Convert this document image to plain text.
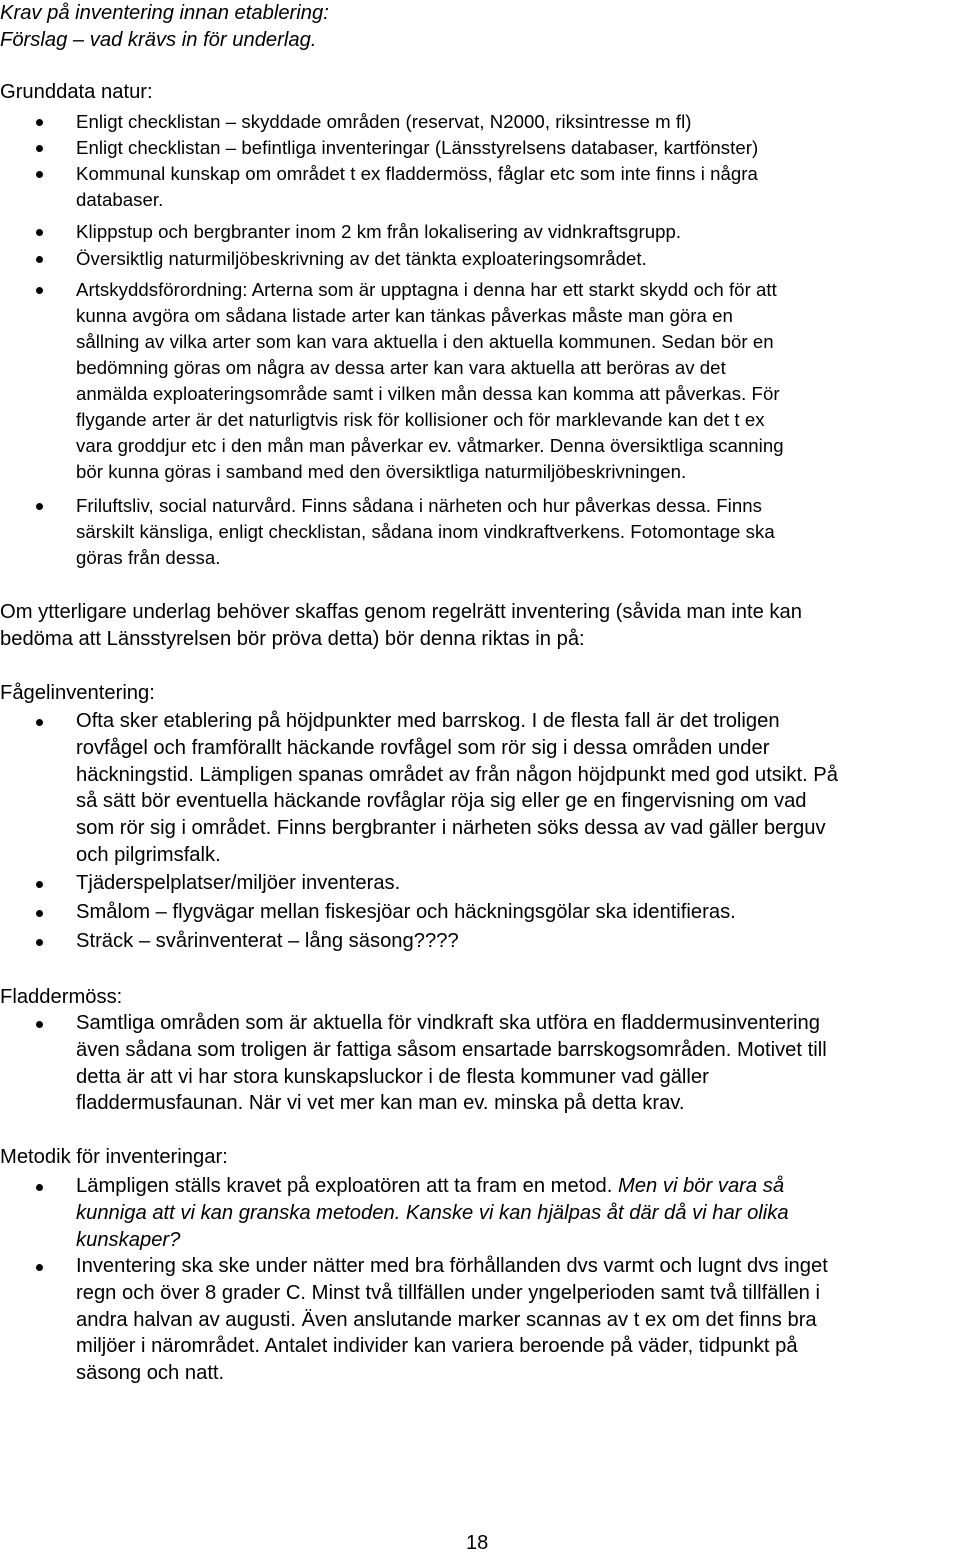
Krav på inventering innan etablering:
Förslag – vad krävs in för underlag.
Grunddata natur:
Enligt checklistan – skyddade områden (reservat, N2000, riksintresse m fl)
Enligt checklistan – befintliga inventeringar (Länsstyrelsens databaser, kartfönster)
Kommunal kunskap om området t ex fladdermöss, fåglar etc som inte finns i några
databaser.
Klippstup och bergbranter inom 2 km från lokalisering av vidnkraftsgrupp.
Översiktlig naturmiljöbeskrivning av det tänkta exploateringsområdet.
Artskyddsförordning: Arterna som är upptagna i denna har ett starkt skydd och för att
kunna avgöra om sådana listade arter kan tänkas påverkas måste man göra en
sållning av vilka arter som kan vara aktuella i den aktuella kommunen. Sedan bör en
bedömning göras om några av dessa arter kan vara aktuella att beröras av det
anmälda exploateringsområde samt i vilken mån dessa kan komma att påverkas. För
flygande arter är det naturligtvis risk för kollisioner och för marklevande kan det t ex
vara groddjur etc i den mån man påverkar ev. våtmarker. Denna översiktliga scanning
bör kunna göras i samband med den översiktliga naturmiljöbeskrivningen.
Friluftsliv, social naturvård. Finns sådana i närheten och hur påverkas dessa. Finns
särskilt känsliga, enligt checklistan, sådana inom vindkraftverkens. Fotomontage ska
göras från dessa.
Om ytterligare underlag behöver skaffas genom regelrätt inventering (såvida man inte kan
bedöma att Länsstyrelsen bör pröva detta) bör denna riktas in på:
Fågelinventering:
Ofta sker etablering på höjdpunkter med barrskog. I de flesta fall är det troligen
rovfågel och framförallt häckande rovfågel som rör sig i dessa områden under
häckningstid. Lämpligen spanas området av från någon höjdpunkt med god utsikt. På
så sätt bör eventuella häckande rovfåglar röja sig eller ge en fingervisning om vad
som rör sig i området. Finns bergbranter i närheten söks dessa av vad gäller berguv
och pilgrimsfalk.
Tjäderspelplatser/miljöer inventeras.
Smålom – flygvägar mellan fiskesjöar och häckningsgölar ska identifieras.
Sträck – svårinventerat – lång säsong????
Fladdermöss:
Samtliga områden som är aktuella för vindkraft ska utföra en fladdermusinventering
även sådana som troligen är fattiga såsom ensartade barrskogsområden. Motivet till
detta är att vi har stora kunskapsluckor i de flesta kommuner vad gäller
fladdermusfaunan. När vi vet mer kan man ev. minska på detta krav.
Metodik för inventeringar:
Lämpligen ställs kravet på exploatören att ta fram en metod. Men vi bör vara så
kunniga att vi kan granska metoden. Kanske vi kan hjälpas åt där då vi har olika
kunskaper?
Inventering ska ske under nätter med bra förhållanden dvs varmt och lugnt dvs inget
regn och över 8 grader C. Minst två tillfällen under yngelperioden samt två tillfällen i
andra halvan av augusti. Även anslutande marker scannas av t ex om det finns bra
miljöer i närområdet. Antalet individer kan variera beroende på väder, tidpunkt på
säsong och natt.
18
